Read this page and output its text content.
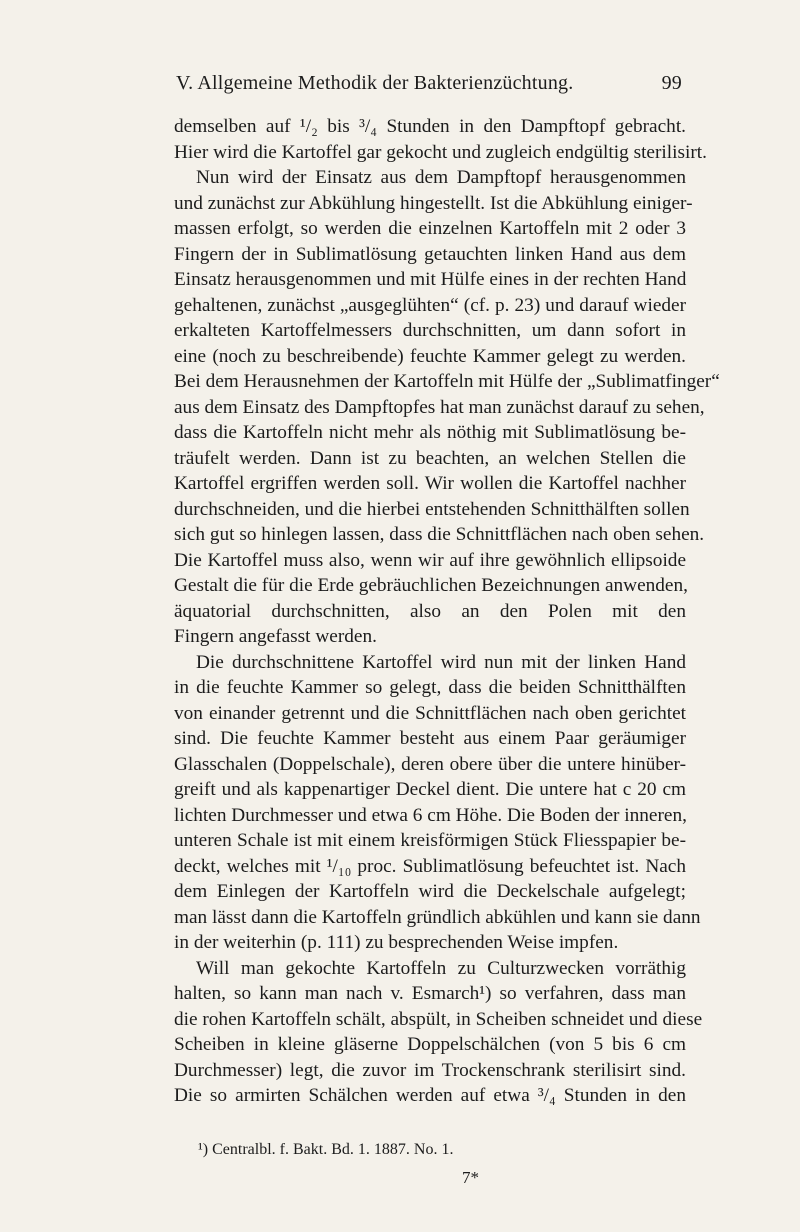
V. Allgemeine Methodik der Bakterienzüchtung.	99
demselben auf ¹/₂ bis ³/₄ Stunden in den Dampftopf gebracht.
Hier wird die Kartoffel gar gekocht und zugleich endgültig sterilisirt.
Nun wird der Einsatz aus dem Dampftopf herausgenommen
und zunächst zur Abkühlung hingestellt. Ist die Abkühlung einiger-
massen erfolgt, so werden die einzelnen Kartoffeln mit 2 oder 3
Fingern der in Sublimatlösung getauchten linken Hand aus dem
Einsatz herausgenommen und mit Hülfe eines in der rechten Hand
gehaltenen, zunächst „ausgeglühten“ (cf. p. 23) und darauf wieder
erkalteten Kartoffelmessers durchschnitten, um dann sofort in
eine (noch zu beschreibende) feuchte Kammer gelegt zu werden.
Bei dem Herausnehmen der Kartoffeln mit Hülfe der „Sublimatfinger“
aus dem Einsatz des Dampftopfes hat man zunächst darauf zu sehen,
dass die Kartoffeln nicht mehr als nöthig mit Sublimatlösung be-
träufelt werden. Dann ist zu beachten, an welchen Stellen die
Kartoffel ergriffen werden soll. Wir wollen die Kartoffel nachher
durchschneiden, und die hierbei entstehenden Schnitthälften sollen
sich gut so hinlegen lassen, dass die Schnittflächen nach oben sehen.
Die Kartoffel muss also, wenn wir auf ihre gewöhnlich ellipsoide
Gestalt die für die Erde gebräuchlichen Bezeichnungen anwenden,
äquatorial durchschnitten, also an den Polen mit den
Fingern angefasst werden.
Die durchschnittene Kartoffel wird nun mit der linken Hand
in die feuchte Kammer so gelegt, dass die beiden Schnitthälften
von einander getrennt und die Schnittflächen nach oben gerichtet
sind. Die feuchte Kammer besteht aus einem Paar geräumiger
Glasschalen (Doppelschale), deren obere über die untere hinüber-
greift und als kappenartiger Deckel dient. Die untere hat c 20 cm
lichten Durchmesser und etwa 6 cm Höhe. Die Boden der inneren,
unteren Schale ist mit einem kreisförmigen Stück Fliesspapier be-
deckt, welches mit ¹/₁₀ proc. Sublimatlösung befeuchtet ist. Nach
dem Einlegen der Kartoffeln wird die Deckelschale aufgelegt;
man lässt dann die Kartoffeln gründlich abkühlen und kann sie dann
in der weiterhin (p. 111) zu besprechenden Weise impfen.
Will man gekochte Kartoffeln zu Culturzwecken vorräthig
halten, so kann man nach v. Esmarch¹) so verfahren, dass man
die rohen Kartoffeln schält, abspült, in Scheiben schneidet und diese
Scheiben in kleine gläserne Doppelschälchen (von 5 bis 6 cm
Durchmesser) legt, die zuvor im Trockenschrank sterilisirt sind.
Die so armirten Schälchen werden auf etwa ³/₄ Stunden in den
¹) Centralbl. f. Bakt. Bd. 1. 1887. No. 1.
7*
